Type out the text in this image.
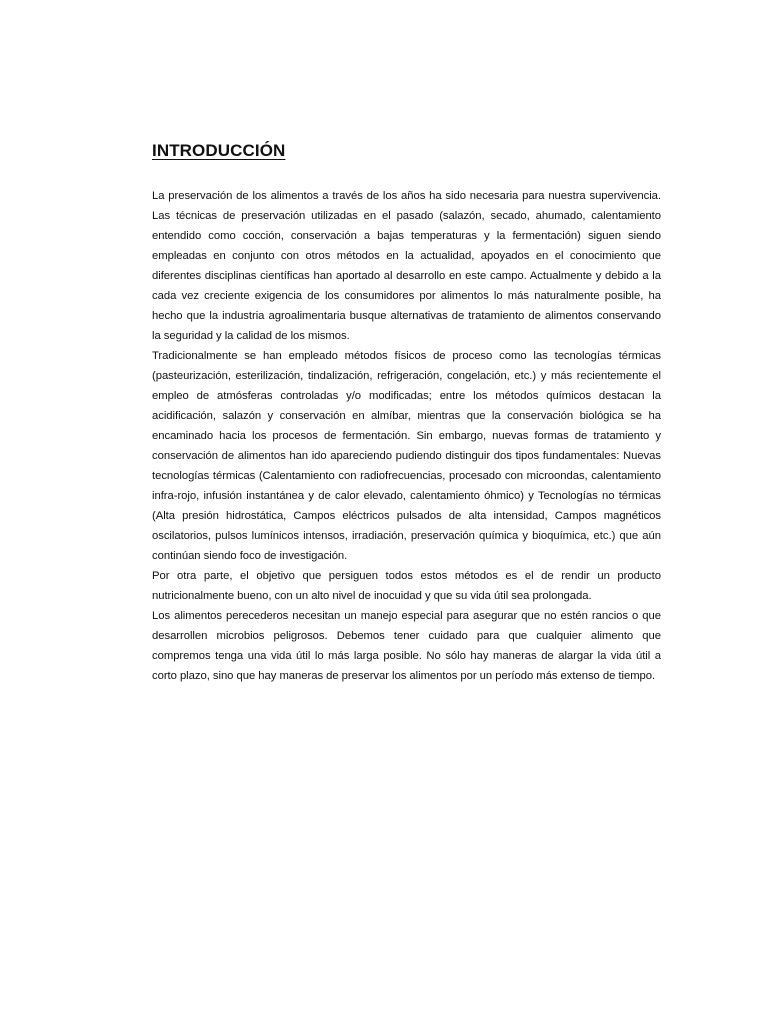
INTRODUCCIÓN

La preservación de los alimentos a través de los años ha sido necesaria para nuestra supervivencia. Las técnicas de preservación utilizadas en el pasado (salazón, secado, ahumado, calentamiento entendido como cocción, conservación a bajas temperaturas y la fermentación) siguen siendo empleadas en conjunto con otros métodos en la actualidad, apoyados en el conocimiento que diferentes disciplinas científicas han aportado al desarrollo en este campo. Actualmente y debido a la cada vez creciente exigencia de los consumidores por alimentos lo más naturalmente posible, ha hecho que la industria agroalimentaria busque alternativas de tratamiento de alimentos conservando la seguridad y la calidad de los mismos.

Tradicionalmente se han empleado métodos físicos de proceso como las tecnologías térmicas (pasteurización, esterilización, tindalización, refrigeración, congelación, etc.) y más recientemente el empleo de atmósferas controladas y/o modificadas; entre los métodos químicos destacan la acidificación, salazón y conservación en almíbar, mientras que la conservación biológica se ha encaminado hacia los procesos de fermentación. Sin embargo, nuevas formas de tratamiento y conservación de alimentos han ido apareciendo pudiendo distinguir dos tipos fundamentales: Nuevas tecnologías térmicas (Calentamiento con radiofrecuencias, procesado con microondas, calentamiento infra-rojo, infusión instantánea y de calor elevado, calentamiento óhmico) y Tecnologías no térmicas (Alta presión hidrostática, Campos eléctricos pulsados de alta intensidad, Campos magnéticos oscilatorios, pulsos lumínicos intensos, irradiación, preservación química y bioquímica, etc.) que aún continúan siendo foco de investigación.

Por otra parte, el objetivo que persiguen todos estos métodos es el de rendir un producto nutricionalmente bueno, con un alto nivel de inocuidad y que su vida útil sea prolongada.

Los alimentos perecederos necesitan un manejo especial para asegurar que no estén rancios o que desarrollen microbios peligrosos. Debemos tener cuidado para que cualquier alimento que compremos tenga una vida útil lo más larga posible. No sólo hay maneras de alargar la vida útil a corto plazo, sino que hay maneras de preservar los alimentos por un período más extenso de tiempo.
